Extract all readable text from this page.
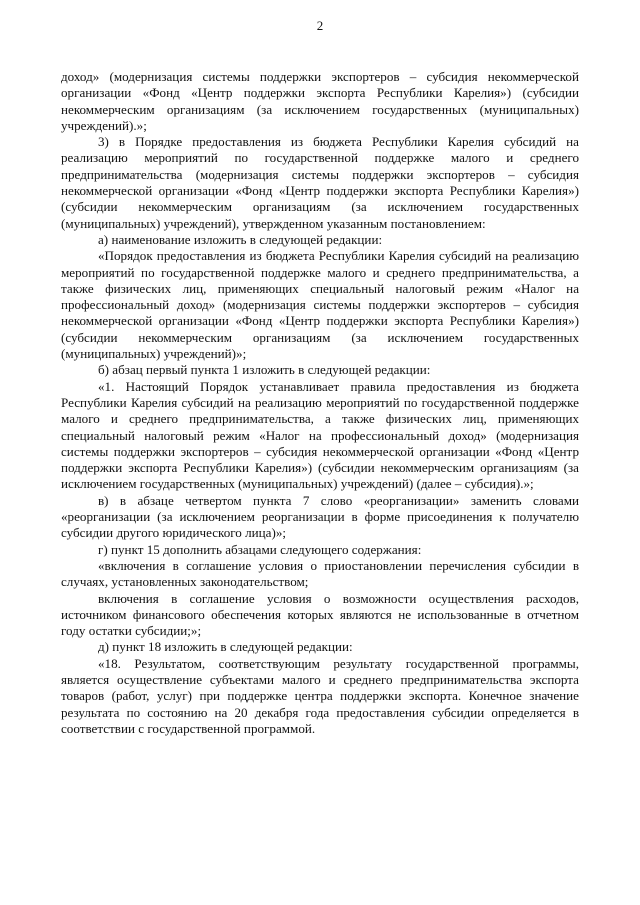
2

доход» (модернизация системы поддержки экспортеров – субсидия некоммерческой организации «Фонд «Центр поддержки экспорта Республики Карелия») (субсидии некоммерческим организациям (за исключением государственных (муниципальных) учреждений).»;

3) в Порядке предоставления из бюджета Республики Карелия субсидий на реализацию мероприятий по государственной поддержке малого и среднего предпринимательства (модернизация системы поддержки экспортеров – субсидия некоммерческой организации «Фонд «Центр поддержки экспорта Республики Карелия») (субсидии некоммерческим организациям (за исключением государственных (муниципальных) учреждений), утвержденном указанным постановлением:

а) наименование изложить в следующей редакции:

«Порядок предоставления из бюджета Республики Карелия субсидий на реализацию мероприятий по государственной поддержке малого и среднего предпринимательства, а также физических лиц, применяющих специальный налоговый режим «Налог на профессиональный доход» (модернизация системы поддержки экспортеров – субсидия некоммерческой организации «Фонд «Центр поддержки экспорта Республики Карелия») (субсидии некоммерческим организациям (за исключением государственных (муниципальных) учреждений)»;

б) абзац первый пункта 1 изложить в следующей редакции:

«1. Настоящий Порядок устанавливает правила предоставления из бюджета Республики Карелия субсидий на реализацию мероприятий по государственной поддержке малого и среднего предпринимательства, а также физических лиц, применяющих специальный налоговый режим «Налог на профессиональный доход» (модернизация системы поддержки экспортеров – субсидия некоммерческой организации «Фонд «Центр поддержки экспорта Республики Карелия») (субсидии некоммерческим организациям (за исключением государственных (муниципальных) учреждений) (далее – субсидия).»;

в) в абзаце четвертом пункта 7 слово «реорганизации» заменить словами «реорганизации (за исключением реорганизации в форме присоединения к получателю субсидии другого юридического лица)»;

г) пункт 15 дополнить абзацами следующего содержания:

«включения в соглашение условия о приостановлении перечисления субсидии в случаях, установленных законодательством;

включения в соглашение условия о возможности осуществления расходов, источником финансового обеспечения которых являются не использованные в отчетном году остатки субсидии;»;

д) пункт 18 изложить в следующей редакции:

«18. Результатом, соответствующим результату государственной программы, является осуществление субъектами малого и среднего предпринимательства экспорта товаров (работ, услуг) при поддержке центра поддержки экспорта. Конечное значение результата по состоянию на 20 декабря года предоставления субсидии определяется в соответствии с государственной программой.
